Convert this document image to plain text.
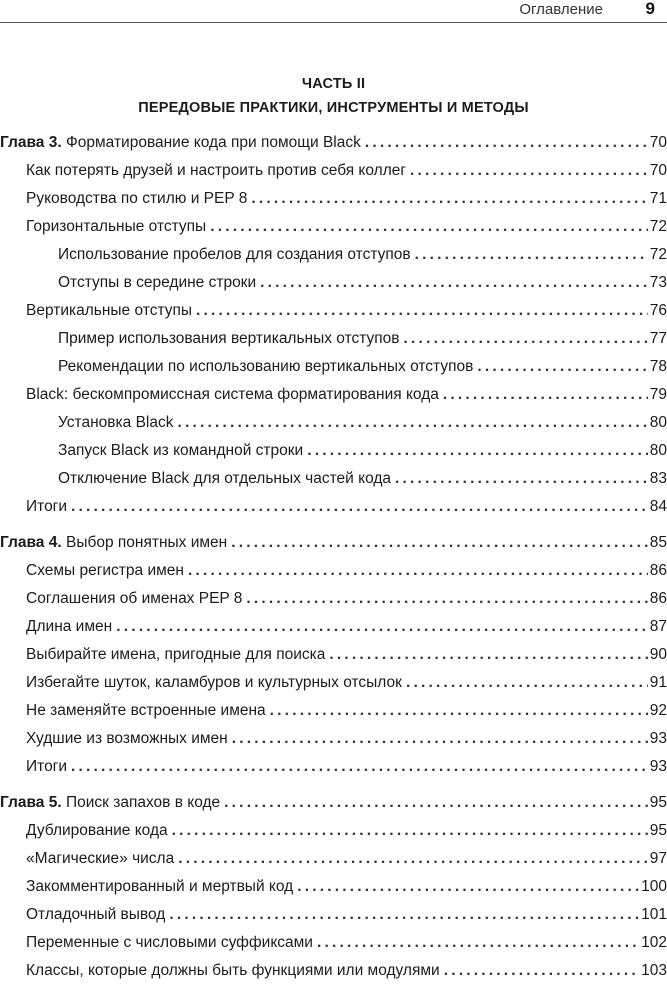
Оглавление	9
ЧАСТЬ II
ПЕРЕДОВЫЕ ПРАКТИКИ, ИНСТРУМЕНТЫ И МЕТОДЫ
Глава 3. Форматирование кода при помощи Black .....	70
Как потерять друзей и настроить против себя коллег .....	70
Руководства по стилю и PEP 8 .....	71
Горизонтальные отступы .....	72
Использование пробелов для создания отступов .....	72
Отступы в середине строки .....	73
Вертикальные отступы .....	76
Пример использования вертикальных отступов .....	77
Рекомендации по использованию вертикальных отступов .....	78
Black: бескомпромиссная система форматирования кода .....	79
Установка Black .....	80
Запуск Black из командной строки .....	80
Отключение Black для отдельных частей кода .....	83
Итоги .....	84
Глава 4. Выбор понятных имен .....	85
Схемы регистра имен .....	86
Соглашения об именах PEP 8 .....	86
Длина имен .....	87
Выбирайте имена, пригодные для поиска .....	90
Избегайте шуток, каламбуров и культурных отсылок .....	91
Не заменяйте встроенные имена .....	92
Худшие из возможных имен .....	93
Итоги .....	93
Глава 5. Поиск запахов в коде .....	95
Дублирование кода .....	95
«Магические» числа .....	97
Закомментированный и мертвый код .....	100
Отладочный вывод .....	101
Переменные с числовыми суффиксами .....	102
Классы, которые должны быть функциями или модулями .....	103
